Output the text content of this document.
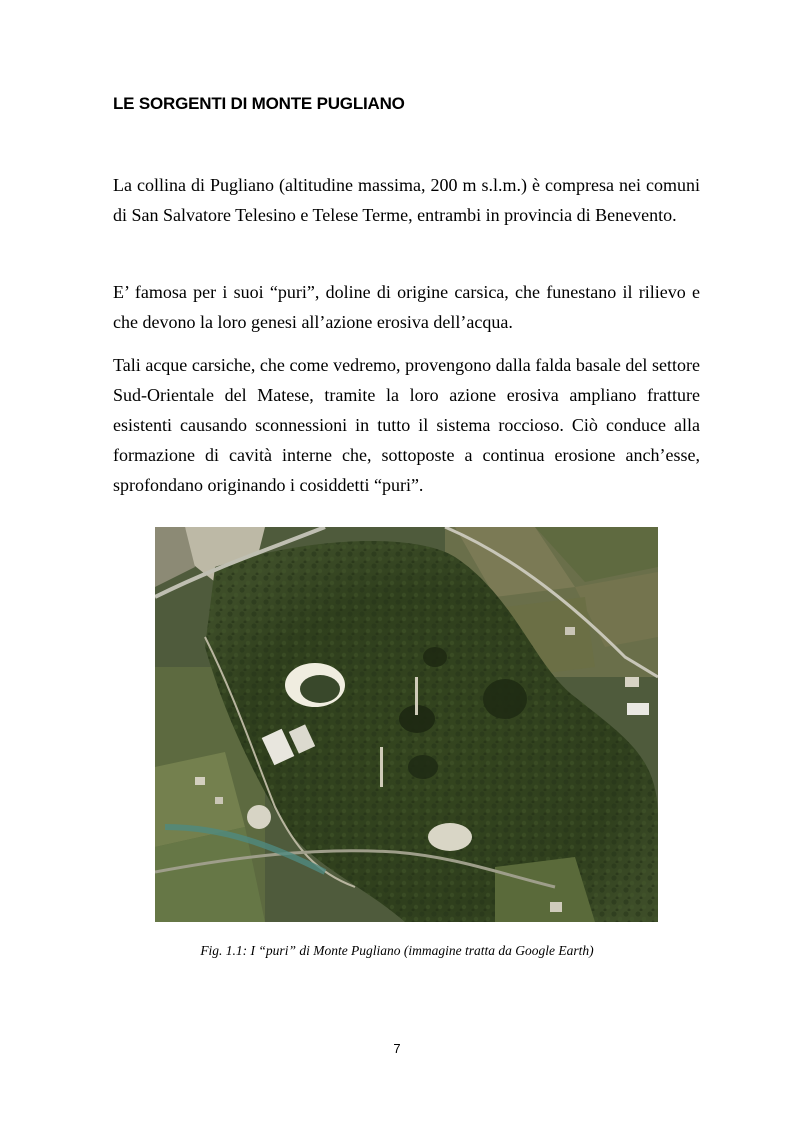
LE SORGENTI DI MONTE PUGLIANO

La collina di Pugliano (altitudine massima, 200 m s.l.m.) è compresa nei comuni di San Salvatore Telesino e Telese Terme, entrambi in provincia di Benevento.

E’ famosa per i suoi “puri”, doline di origine carsica, che funestano il rilievo e che devono la loro genesi all’azione erosiva dell’acqua.

Tali acque carsiche, che come vedremo, provengono dalla falda basale del settore Sud-Orientale del Matese, tramite la loro azione erosiva ampliano fratture esistenti causando sconnessioni in tutto il sistema roccioso. Ciò conduce alla formazione di cavità interne che, sottoposte a continua erosione anch’esse, sprofondano originando i cosiddetti “puri”.

Fig. 1.1: I “puri” di Monte Pugliano (immagine tratta da Google Earth)
7
